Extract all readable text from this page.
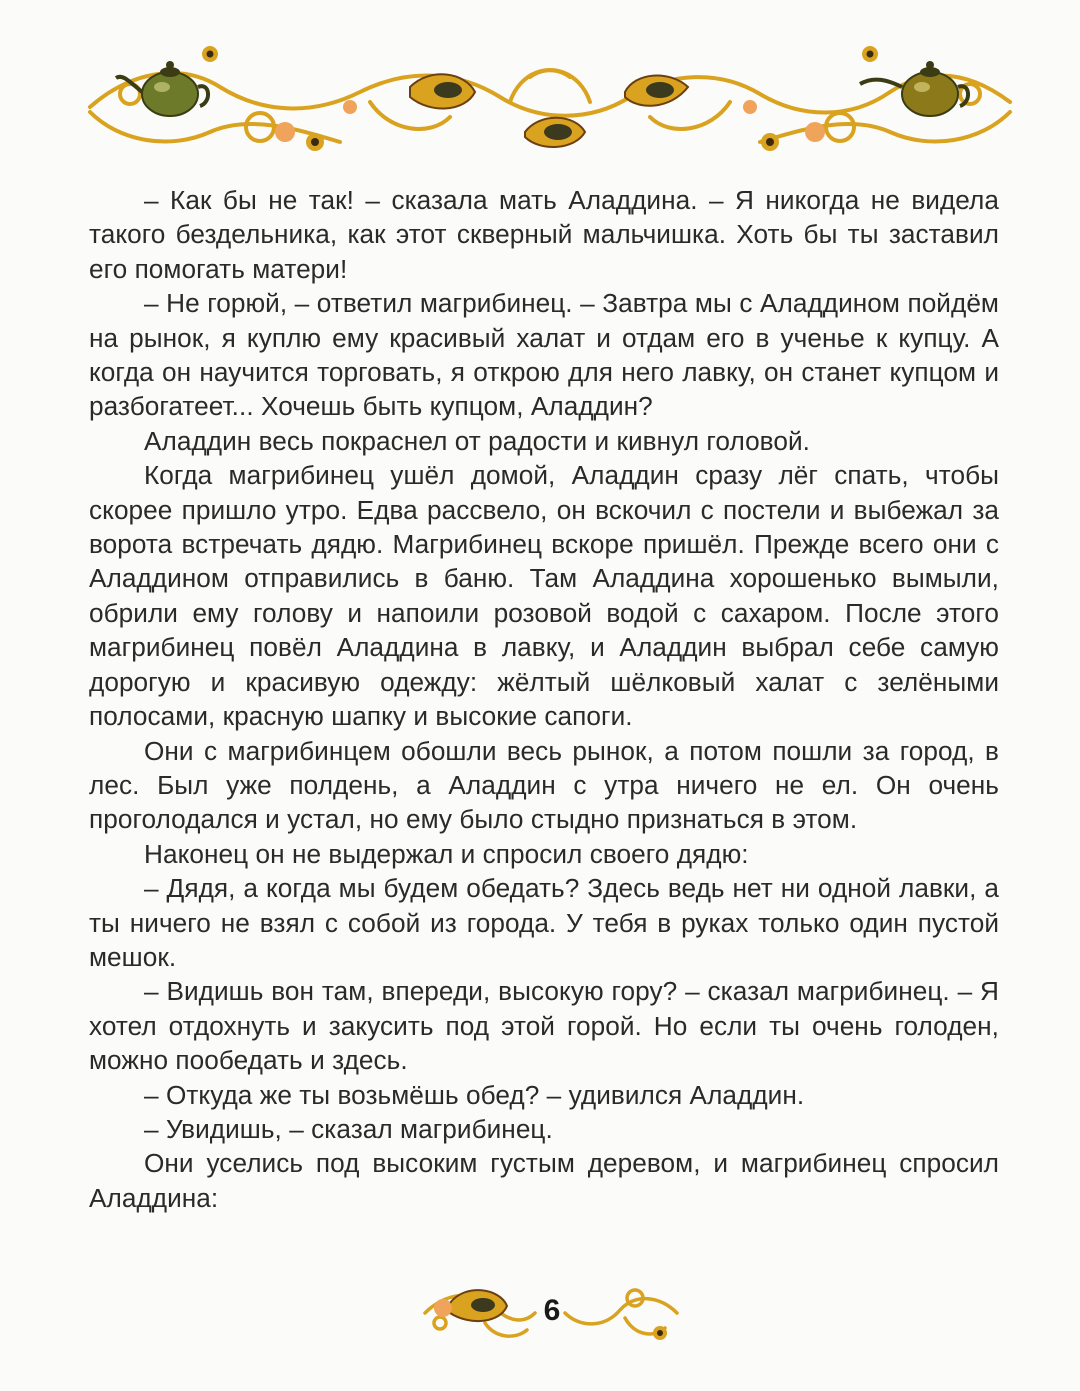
– Как бы не так! – сказала мать Аладдина. – Я никогда не видела такого бездельника, как этот скверный мальчишка. Хоть бы ты заставил его помогать матери!

– Не горюй, – ответил магрибинец. – Завтра мы с Аладдином пойдём на рынок, я куплю ему красивый халат и отдам его в ученье к купцу. А когда он научится торговать, я открою для него лавку, он станет купцом и разбогатеет... Хочешь быть купцом, Аладдин?

Аладдин весь покраснел от радости и кивнул головой.

Когда магрибинец ушёл домой, Аладдин сразу лёг спать, чтобы скорее пришло утро. Едва рассвело, он вскочил с постели и выбежал за ворота встречать дядю. Магрибинец вскоре пришёл. Прежде всего они с Аладдином отправились в баню. Там Аладдина хорошенько вымыли, обрили ему голову и напоили розовой водой с сахаром. После этого магрибинец повёл Аладдина в лавку, и Аладдин выбрал себе самую дорогую и красивую одежду: жёлтый шёлковый халат с зелёными полосами, красную шапку и высокие сапоги.

Они с магрибинцем обошли весь рынок, а потом пошли за город, в лес. Был уже полдень, а Аладдин с утра ничего не ел. Он очень проголодался и устал, но ему было стыдно признаться в этом.

Наконец он не выдержал и спросил своего дядю:

– Дядя, а когда мы будем обедать? Здесь ведь нет ни одной лавки, а ты ничего не взял с собой из города. У тебя в руках только один пустой мешок.

– Видишь вон там, впереди, высокую гору? – сказал магрибинец. – Я хотел отдохнуть и закусить под этой горой. Но если ты очень голоден, можно пообедать и здесь.

– Откуда же ты возьмёшь обед? – удивился Аладдин.

– Увидишь, – сказал магрибинец.

Они уселись под высоким густым деревом, и магрибинец спросил Аладдина:

6
